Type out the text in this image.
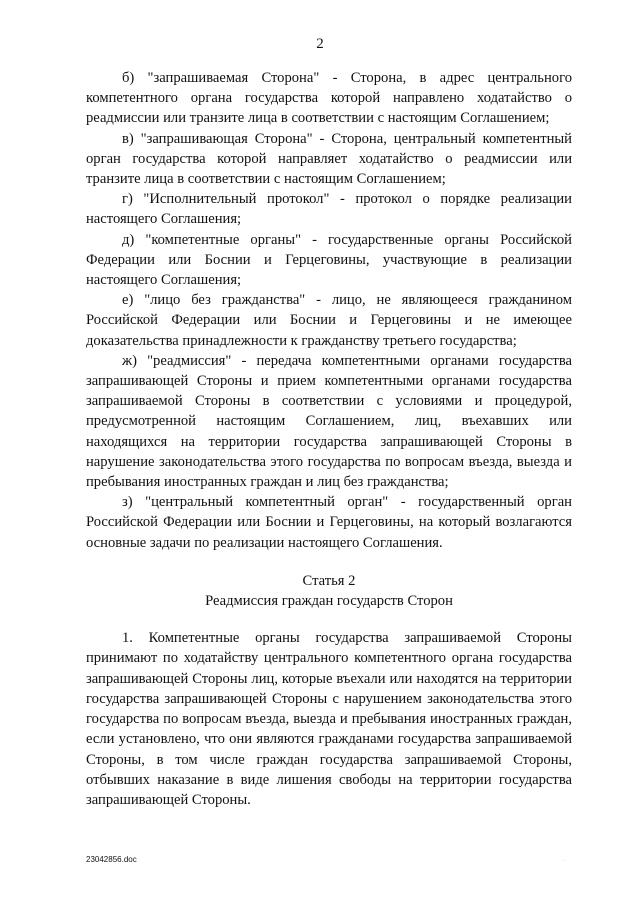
2

б) "запрашиваемая Сторона" - Сторона, в адрес центрального компетентного органа государства которой направлено ходатайство о реадмиссии или транзите лица в соответствии с настоящим Соглашением;

в) "запрашивающая Сторона" - Сторона, центральный компетентный орган государства которой направляет ходатайство о реадмиссии или транзите лица в соответствии с настоящим Соглашением;

г) "Исполнительный протокол" - протокол о порядке реализации настоящего Соглашения;

д) "компетентные органы" - государственные органы Российской Федерации или Боснии и Герцеговины, участвующие в реализации настоящего Соглашения;

е) "лицо без гражданства" - лицо, не являющееся гражданином Российской Федерации или Боснии и Герцеговины и не имеющее доказательства принадлежности к гражданству третьего государства;

ж) "реадмиссия" - передача компетентными органами государства запрашивающей Стороны и прием компетентными органами государства запрашиваемой Стороны в соответствии с условиями и процедурой, предусмотренной настоящим Соглашением, лиц, въехавших или находящихся на территории государства запрашивающей Стороны в нарушение законодательства этого государства по вопросам въезда, выезда и пребывания иностранных граждан и лиц без гражданства;

з) "центральный компетентный орган" - государственный орган Российской Федерации или Боснии и Герцеговины, на который возлагаются основные задачи по реализации настоящего Соглашения.

Статья 2

Реадмиссия граждан государств Сторон

1. Компетентные органы государства запрашиваемой Стороны принимают по ходатайству центрального компетентного органа государства запрашивающей Стороны лиц, которые въехали или находятся на территории государства запрашивающей Стороны с нарушением законодательства этого государства по вопросам въезда, выезда и пребывания иностранных граждан, если установлено, что они являются гражданами государства запрашиваемой Стороны, в том числе граждан государства запрашиваемой Стороны, отбывших наказание в виде лишения свободы на территории государства запрашивающей Стороны.

23042856.doc	·
